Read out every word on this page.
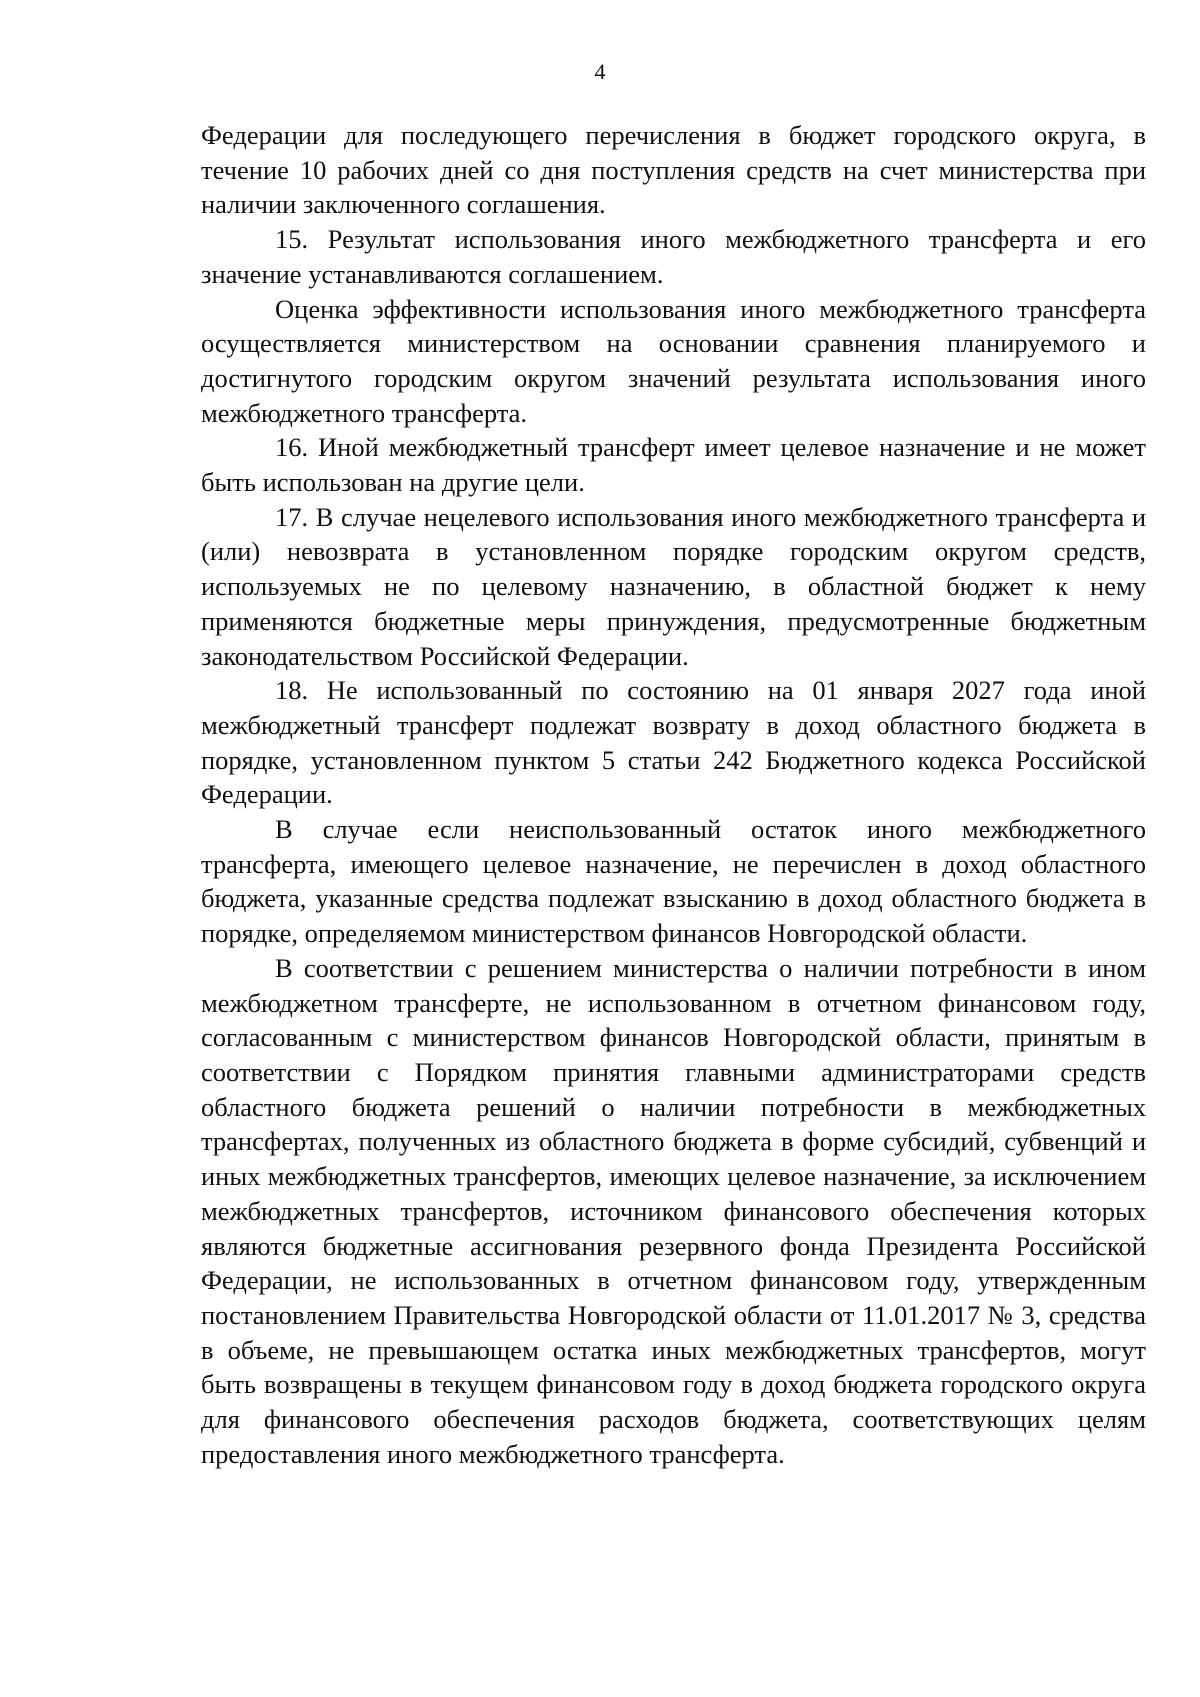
4

Федерации для последующего перечисления в бюджет городского округа, в течение 10 рабочих дней со дня поступления средств на счет министерства при наличии заключенного соглашения.

15. Результат использования иного межбюджетного трансферта и его значение устанавливаются соглашением.

Оценка эффективности использования иного межбюджетного трансферта осуществляется министерством на основании сравнения планируемого и достигнутого городским округом значений результата использования иного межбюджетного трансферта.

16. Иной межбюджетный трансферт имеет целевое назначение и не может быть использован на другие цели.

17. В случае нецелевого использования иного межбюджетного трансферта и (или) невозврата в установленном порядке городским округом средств, используемых не по целевому назначению, в областной бюджет к нему применяются бюджетные меры принуждения, предусмотренные бюджетным законодательством Российской Федерации.

18. Не использованный по состоянию на 01 января 2027 года иной межбюджетный трансферт подлежат возврату в доход областного бюджета в порядке, установленном пунктом 5 статьи 242 Бюджетного кодекса Российской Федерации.

В случае если неиспользованный остаток иного межбюджетного трансферта, имеющего целевое назначение, не перечислен в доход областного бюджета, указанные средства подлежат взысканию в доход областного бюджета в порядке, определяемом министерством финансов Новгородской области.

В соответствии с решением министерства о наличии потребности в ином межбюджетном трансферте, не использованном в отчетном финансовом году, согласованным с министерством финансов Новгородской области, принятым в соответствии с Порядком принятия главными администраторами средств областного бюджета решений о наличии потребности в межбюджетных трансфертах, полученных из областного бюджета в форме субсидий, субвенций и иных межбюджетных трансфертов, имеющих целевое назначение, за исключением межбюджетных трансфертов, источником финансового обеспечения которых являются бюджетные ассигнования резервного фонда Президента Российской Федерации, не использованных в отчетном финансовом году, утвержденным постановлением Правительства Новгородской области от 11.01.2017 № 3, средства в объеме, не превышающем остатка иных межбюджетных трансфертов, могут быть возвращены в текущем финансовом году в доход бюджета городского округа для финансового обеспечения расходов бюджета, соответствующих целям предоставления иного межбюджетного трансферта.
